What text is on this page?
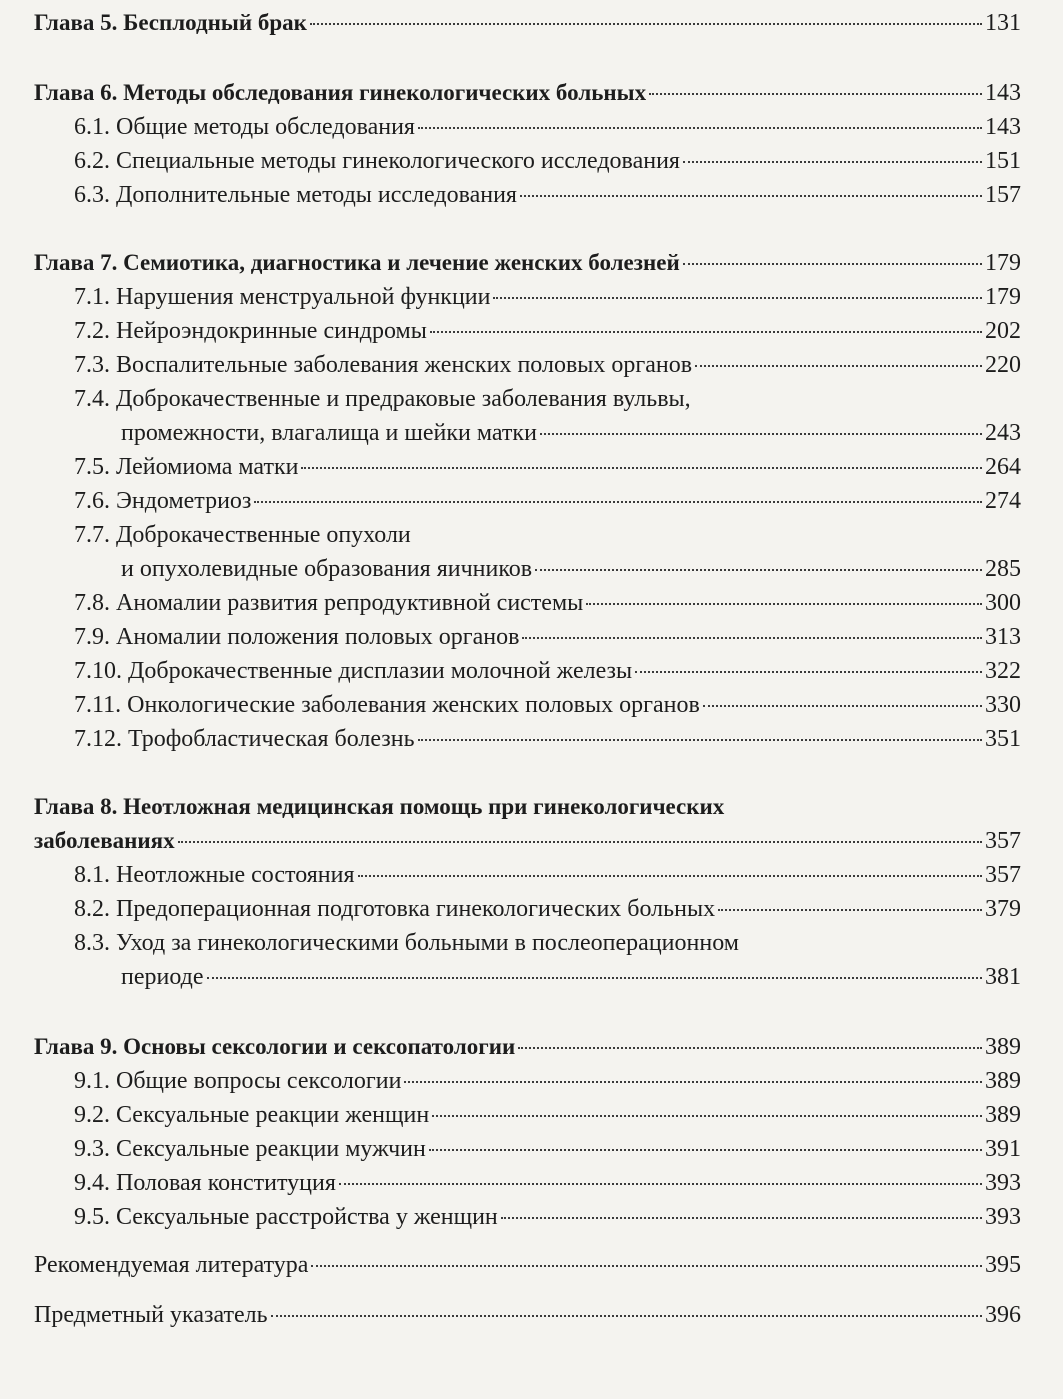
Глава 5. Бесплодный брак	131
Глава 6. Методы обследования гинекологических больных	143
6.1. Общие методы обследования	143
6.2. Специальные методы гинекологического исследования	151
6.3. Дополнительные методы исследования	157
Глава 7. Семиотика, диагностика и лечение женских болезней	179
7.1. Нарушения менструальной функции	179
7.2. Нейроэндокринные синдромы	202
7.3. Воспалительные заболевания женских половых органов	220
7.4. Доброкачественные и предраковые заболевания вульвы,
промежности, влагалища и шейки матки	243
7.5. Лейомиома матки	264
7.6. Эндометриоз	274
7.7. Доброкачественные опухоли
и опухолевидные образования яичников	285
7.8. Аномалии развития репродуктивной системы	300
7.9. Аномалии положения половых органов	313
7.10. Доброкачественные дисплазии молочной железы	322
7.11. Онкологические заболевания женских половых органов	330
7.12. Трофобластическая болезнь	351
Глава 8. Неотложная медицинская помощь при гинекологических
заболеваниях	357
8.1. Неотложные состояния	357
8.2. Предоперационная подготовка гинекологических больных	379
8.3. Уход за гинекологическими больными в послеоперационном
периоде	381
Глава 9. Основы сексологии и сексопатологии	389
9.1. Общие вопросы сексологии	389
9.2. Сексуальные реакции женщин	389
9.3. Сексуальные реакции мужчин	391
9.4. Половая конституция	393
9.5. Сексуальные расстройства у женщин	393
Рекомендуемая литература	395
Предметный указатель	396
